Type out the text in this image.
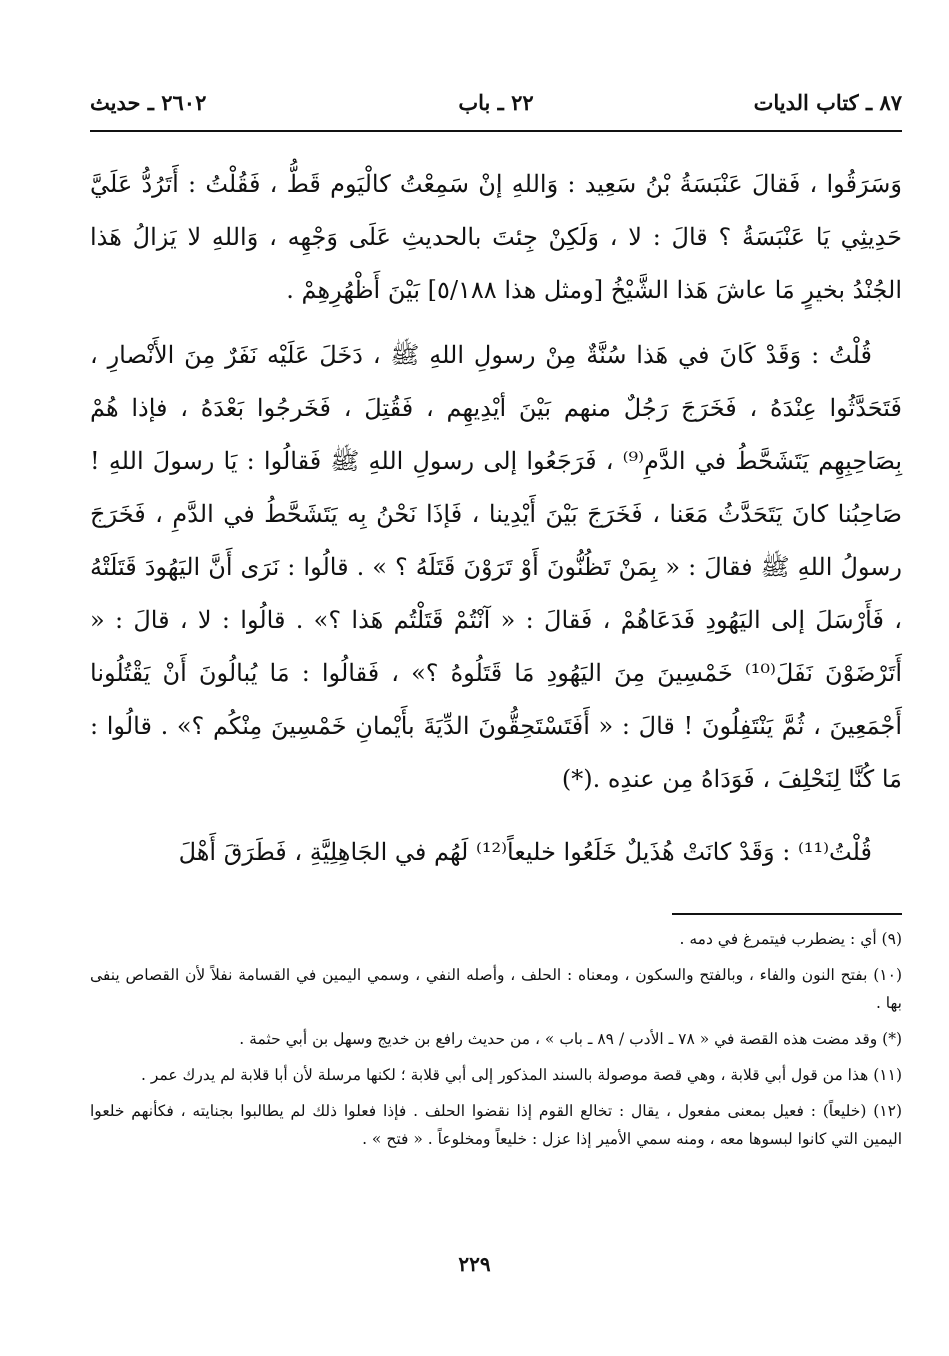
٨٧ ـ كتاب الديات
٢٢ ـ باب
٢٦٠٢ ـ حديث

وَسَرَقُوا ، فَقالَ عَنْبَسَةُ بْنُ سَعِيد : وَاللهِ إنْ سَمِعْتُ كالْيَوم قَطُّ ، فَقُلْتُ : أَتَرُدُّ عَلَيَّ حَدِيثِي يَا عَنْبَسَةُ ؟ قالَ : لا ، وَلَكِنْ جِئتَ بالحديثِ عَلَى وَجْهِه ، وَاللهِ لا يَزالُ هَذا الجُنْدُ بخيرٍ مَا عاشَ هَذا الشَّيْخُ [ومثل هذا ٥/١٨٨] بَيْنَ أَظْهُرِهِمْ .

قُلْتُ : وَقَدْ كَانَ في هَذا سُنَّةٌ مِنْ رسولِ اللهِ ﷺ ، دَخَلَ عَلَيْه نَفَرٌ مِنَ الأَنْصارِ ، فَتَحَدَّثُوا عِنْدَهُ ، فَخَرَجَ رَجُلٌ منهم بَيْنَ أيْدِيهِم ، فَقُتِلَ ، فَخَرجُوا بَعْدَهُ ، فإذا هُمْ بِصَاحِبِهِم يَتَشَحَّطُ في الدَّمِ⁽⁹⁾ ، فَرَجَعُوا إلى رسولِ اللهِ ﷺ فَقالُوا : يَا رسولَ اللهِ ! صَاحِبُنا كانَ يَتَحَدَّثُ مَعَنا ، فَخَرَجَ بَيْنَ أَيْدِينا ، فَإذَا نَحْنُ بِه يَتَشَحَّطُ في الدَّمِ ، فَخَرَجَ رسولُ اللهِ ﷺ فقالَ : « بِمَنْ تَظُنُّونَ أَوْ تَرَوْنَ قَتَلَهُ ؟ » . قالُوا : نَرَى أَنَّ اليَهُودَ قَتَلَتْهُ ، فَأَرْسَلَ إلى اليَهُودِ فَدَعَاهُمْ ، فَقالَ : « آنْتُمْ قَتَلْتُم هَذا ؟» . قالُوا : لا ، قالَ : « أَتَرْضَوْنَ نَفَلَ⁽¹⁰⁾ خَمْسِينَ مِنَ اليَهُودِ مَا قَتَلُوهُ ؟» ، فَقالُوا : مَا يُبالُونَ أَنْ يَقْتُلُونا أَجْمَعِينَ ، ثُمَّ يَنْتَفِلُونَ ! قالَ : « أَفَتَسْتَحِقُّونَ الدِّيَةَ بأَيْمانِ خَمْسِينَ مِنْكُم ؟» . قالُوا : مَا كُنَّا لِنَحْلِفَ ، فَوَدَاهُ مِن عندِه .(*)

قُلْتُ⁽¹¹⁾ : وَقَدْ كانَتْ هُذَيلٌ خَلَعُوا خليعاً⁽¹²⁾ لَهُم في الجَاهِلِيَّةِ ، فَطَرَقَ أَهْلَ

(٩) أي : يضطرب فيتمرغ في دمه .

(١٠) بفتح النون والفاء ، وبالفتح والسكون ، ومعناه : الحلف ، وأصله النفي ، وسمي اليمين في القسامة نفلاً لأن القصاص ينفى بها .

(*) وقد مضت هذه القصة في « ٧٨ ـ الأدب / ٨٩ ـ باب » ، من حديث رافع بن خديج وسهل بن أبي حثمة .

(١١) هذا من قول أبي قلابة ، وهي قصة موصولة بالسند المذكور إلى أبي قلابة ؛ لكنها مرسلة لأن أبا قلابة لم يدرك عمر .

(١٢) (خليعاً) : فعيل بمعنى مفعول ، يقال : تخالع القوم إذا نقضوا الحلف . فإذا فعلوا ذلك لم يطالبوا بجنايته ، فكأنهم خلعوا اليمين التي كانوا لبسوها معه ، ومنه سمي الأمير إذا عزل : خليعاً ومخلوعاً . « فتح » .

٢٢٩
